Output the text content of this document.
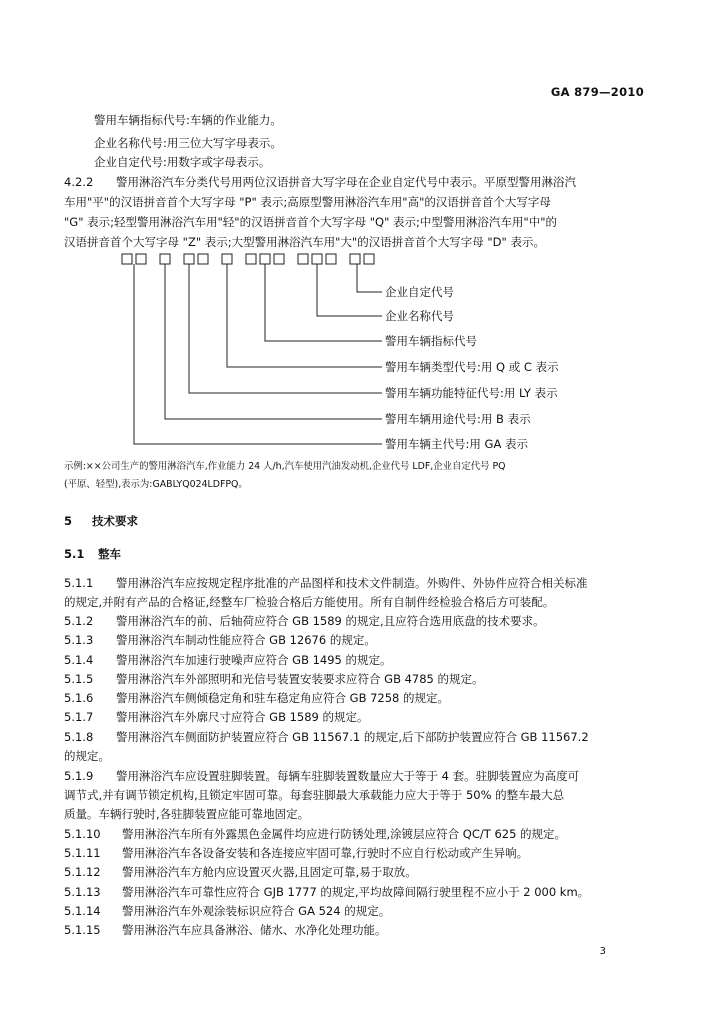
GA 879—2010
警用车辆指标代号:车辆的作业能力。
企业名称代号:用三位大写字母表示。
企业自定代号:用数字或字母表示。
4.2.2 警用淋浴汽车分类代号用两位汉语拼音大写字母在企业自定代号中表示。平原型警用淋浴汽
车用"平"的汉语拼音首个大写字母 "P" 表示;高原型警用淋浴汽车用"高"的汉语拼音首个大写字母
"G" 表示;轻型警用淋浴汽车用"轻"的汉语拼音首个大写字母 "Q" 表示;中型警用淋浴汽车用"中"的
汉语拼音首个大写字母 "Z" 表示;大型警用淋浴汽车用"大"的汉语拼音首个大写字母 "D" 表示。
企业自定代号
企业名称代号
警用车辆指标代号
警用车辆类型代号:用 Q 或 C 表示
警用车辆功能特征代号:用 LY 表示
警用车辆用途代号:用 B 表示
警用车辆主代号:用 GA 表示
示例:××公司生产的警用淋浴汽车,作业能力 24 人/h,汽车使用汽油发动机,企业代号 LDF,企业自定代号 PQ
(平原、轻型),表示为:GABLYQ024LDFPQ。
5 技术要求
5.1 整车
5.1.1 警用淋浴汽车应按规定程序批准的产品图样和技术文件制造。外购件、外协件应符合相关标准
的规定,并附有产品的合格证,经整车厂检验合格后方能使用。所有自制件经检验合格后方可装配。
5.1.2 警用淋浴汽车的前、后轴荷应符合 GB 1589 的规定,且应符合选用底盘的技术要求。
5.1.3 警用淋浴汽车制动性能应符合 GB 12676 的规定。
5.1.4 警用淋浴汽车加速行驶噪声应符合 GB 1495 的规定。
5.1.5 警用淋浴汽车外部照明和光信号装置安装要求应符合 GB 4785 的规定。
5.1.6 警用淋浴汽车侧倾稳定角和驻车稳定角应符合 GB 7258 的规定。
5.1.7 警用淋浴汽车外廓尺寸应符合 GB 1589 的规定。
5.1.8 警用淋浴汽车侧面防护装置应符合 GB 11567.1 的规定,后下部防护装置应符合 GB 11567.2
的规定。
5.1.9 警用淋浴汽车应设置驻脚装置。每辆车驻脚装置数量应大于等于 4 套。驻脚装置应为高度可
调节式,并有调节锁定机构,且锁定牢固可靠。每套驻脚最大承载能力应大于等于 50% 的整车最大总
质量。车辆行驶时,各驻脚装置应能可靠地固定。
5.1.10 警用淋浴汽车所有外露黑色金属件均应进行防锈处理,涂镀层应符合 QC/T 625 的规定。
5.1.11 警用淋浴汽车各设备安装和各连接应牢固可靠,行驶时不应自行松动或产生异响。
5.1.12 警用淋浴汽车方舱内应设置灭火器,且固定可靠,易于取放。
5.1.13 警用淋浴汽车可靠性应符合 GJB 1777 的规定,平均故障间隔行驶里程不应小于 2 000 km。
5.1.14 警用淋浴汽车外观涂装标识应符合 GA 524 的规定。
5.1.15 警用淋浴汽车应具备淋浴、储水、水净化处理功能。
3
